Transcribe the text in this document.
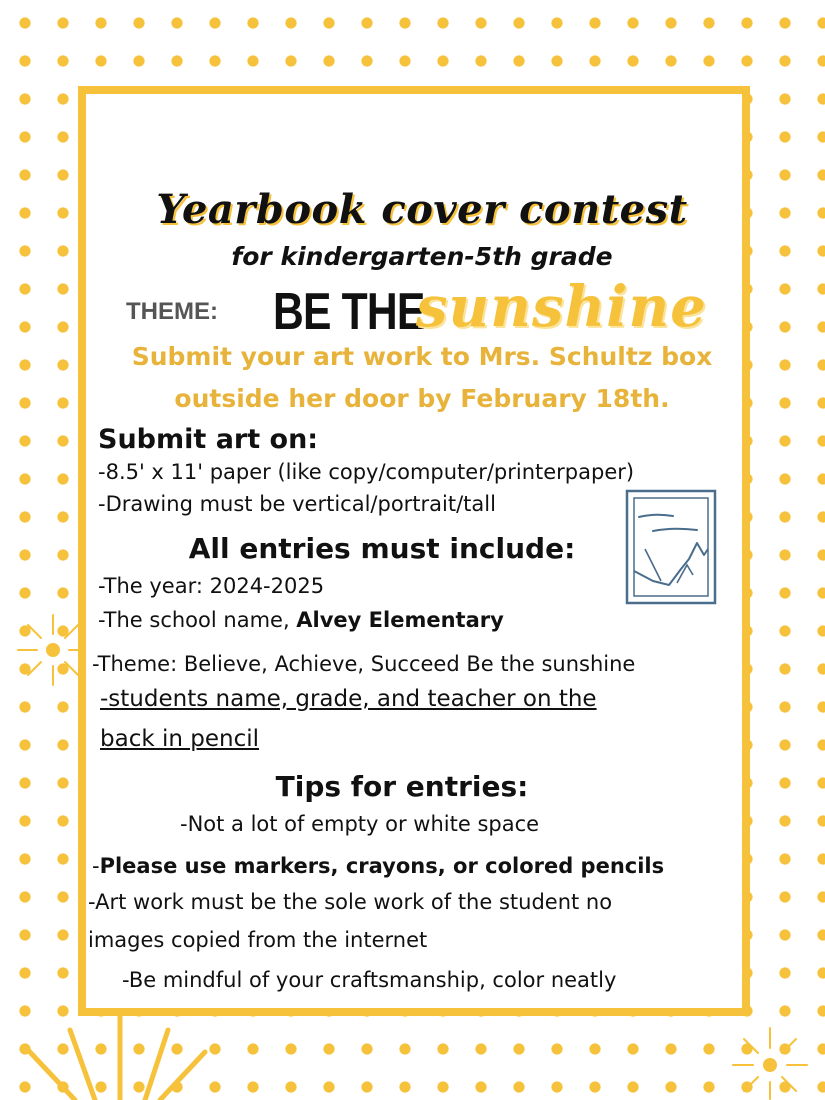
Yearbook cover contest
for kindergarten-5th grade
THEME: BE THE
sunshine
Submit your art work to Mrs. Schultz box
outside her door by February 18th.
Submit art on:
-8.5' x 11' paper (like copy/computer/printerpaper)
-Drawing must be vertical/portrait/tall
All entries must include:
-The year: 2024-2025
-The school name, Alvey Elementary
-Theme: Believe, Achieve, Succeed Be the sunshine
-students name, grade, and teacher on the
back in pencil
Tips for entries:
-Not a lot of empty or white space
-Please use markers, crayons, or colored pencils
-Art work must be the sole work of the student no
images copied from the internet
-Be mindful of your craftsmanship, color neatly
